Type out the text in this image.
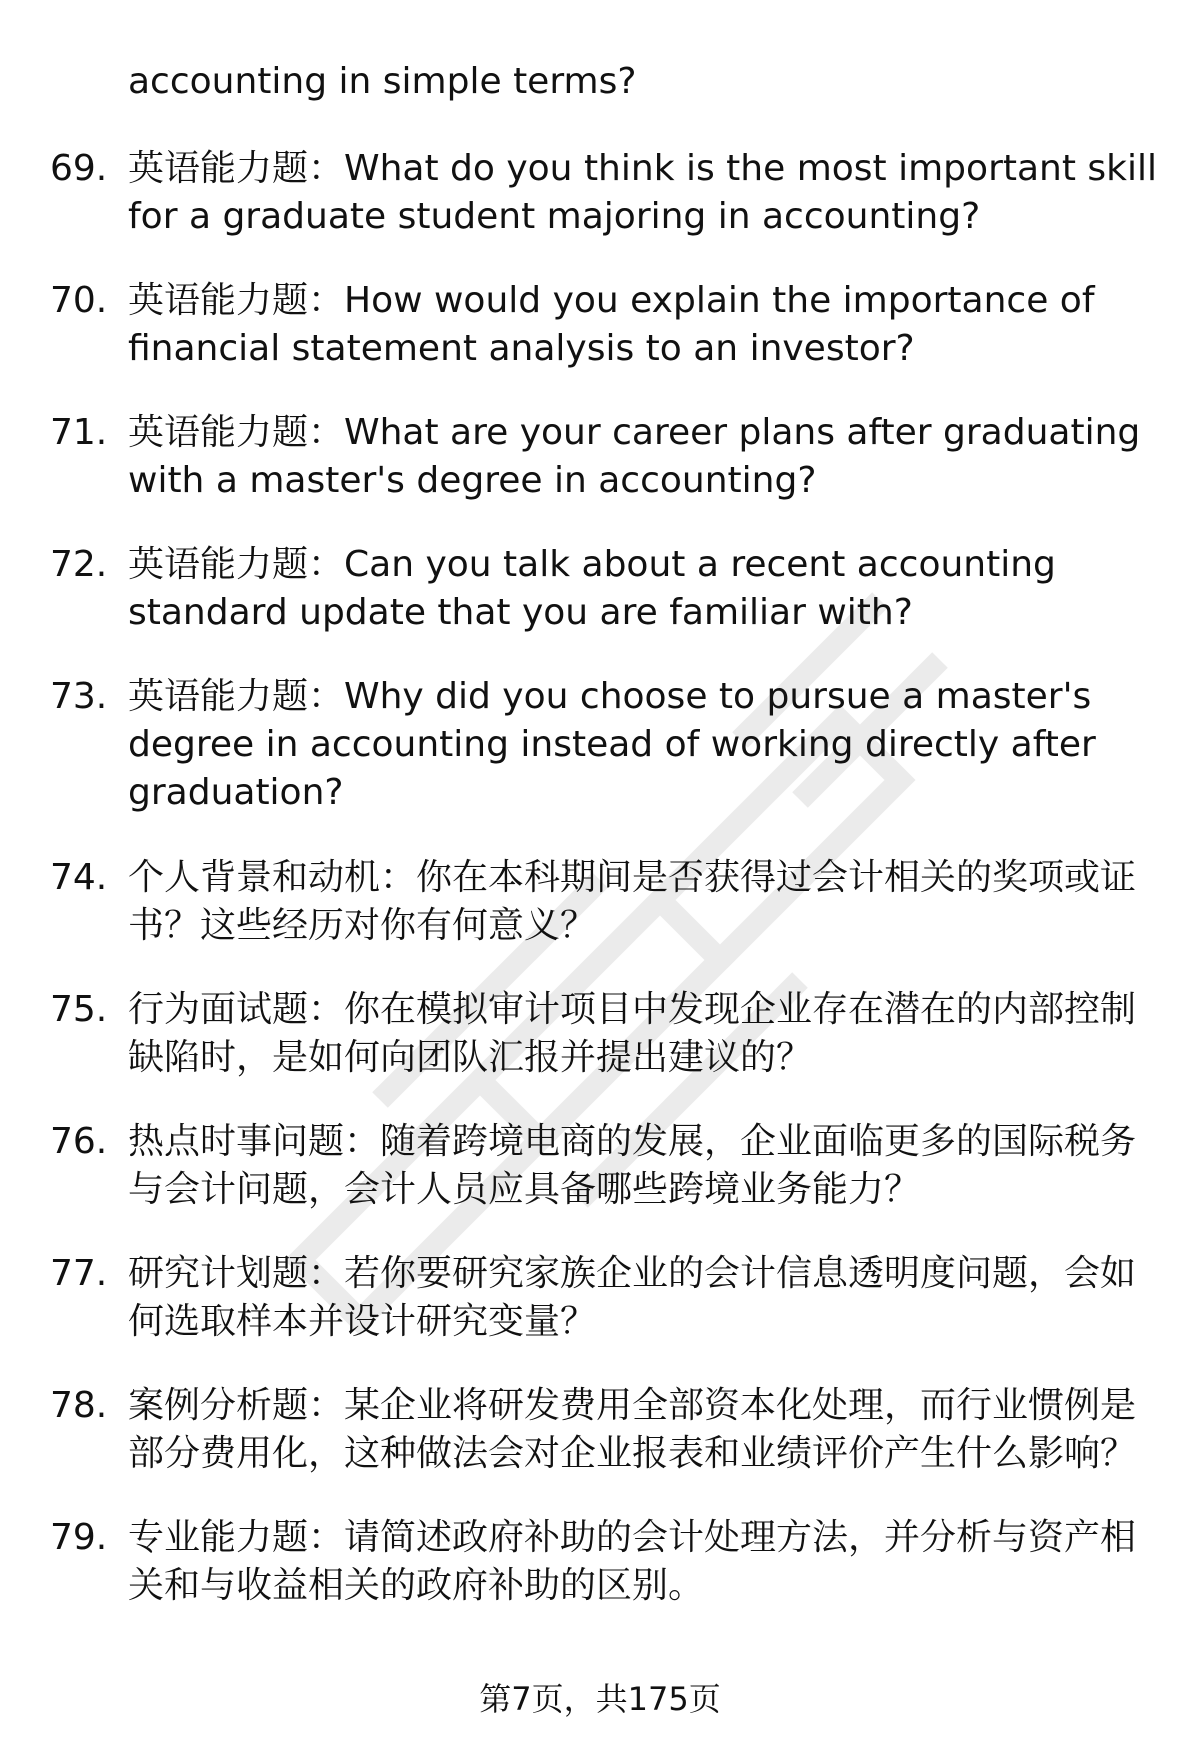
accounting in simple terms?
69. 英语能力题：What do you think is the most important skill
for a graduate student majoring in accounting?
70. 英语能力题：How would you explain the importance of
financial statement analysis to an investor?
71. 英语能力题：What are your career plans after graduating
with a master's degree in accounting?
72. 英语能力题：Can you talk about a recent accounting
standard update that you are familiar with?
73. 英语能力题：Why did you choose to pursue a master's
degree in accounting instead of working directly after
graduation?
74. 个人背景和动机：你在本科期间是否获得过会计相关的奖项或证
书？这些经历对你有何意义？
75. 行为面试题：你在模拟审计项目中发现企业存在潜在的内部控制
缺陷时，是如何向团队汇报并提出建议的？
76. 热点时事问题：随着跨境电商的发展，企业面临更多的国际税务
与会计问题，会计人员应具备哪些跨境业务能力？
77. 研究计划题：若你要研究家族企业的会计信息透明度问题，会如
何选取样本并设计研究变量？
78. 案例分析题：某企业将研发费用全部资本化处理，而行业惯例是
部分费用化，这种做法会对企业报表和业绩评价产生什么影响？
79. 专业能力题：请简述政府补助的会计处理方法，并分析与资产相
关和与收益相关的政府补助的区别。
第7页，共175页
